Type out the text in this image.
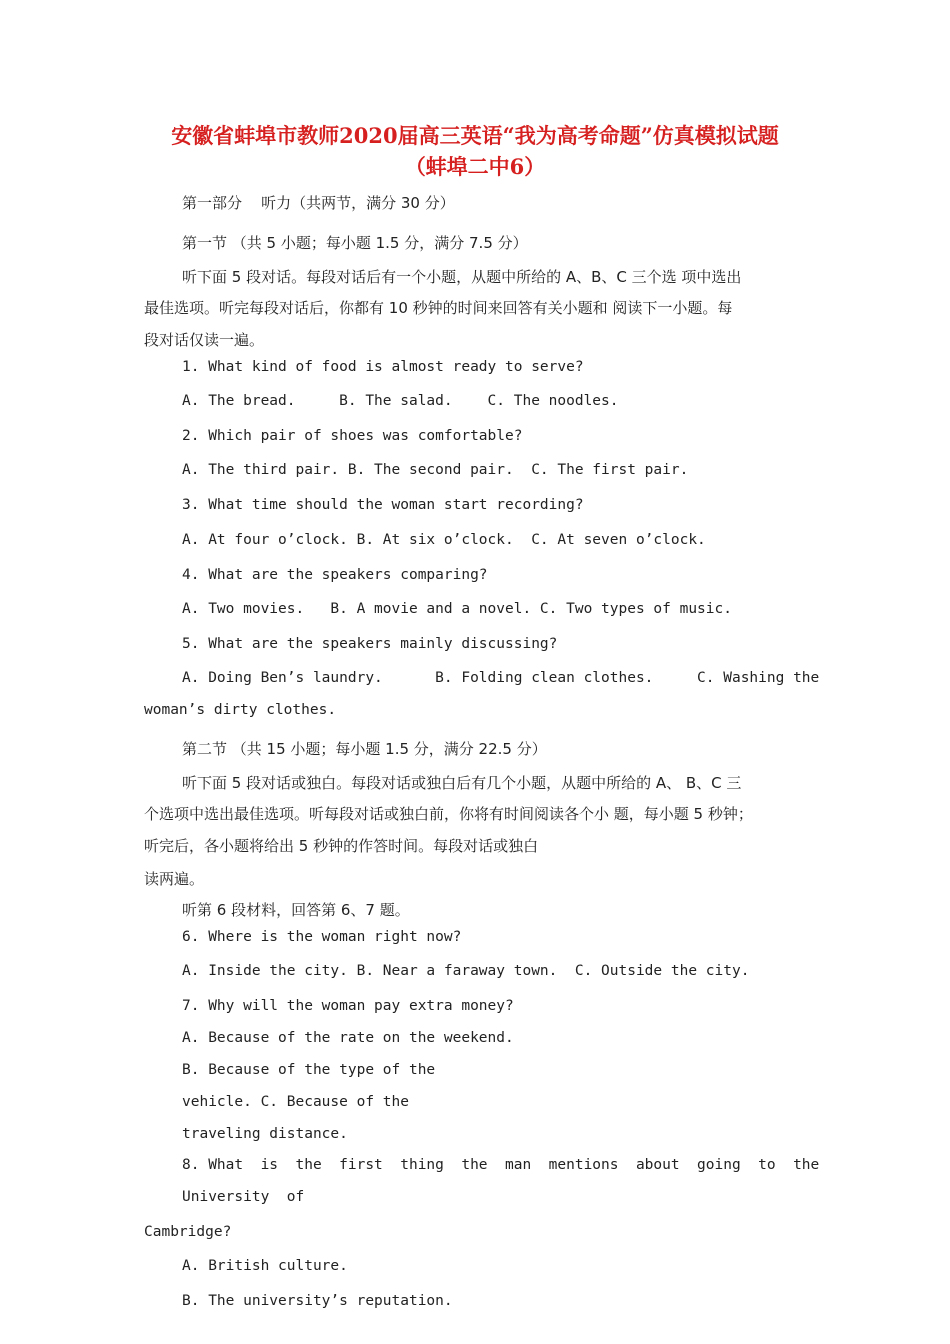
安徽省蚌埠市教师2020届高三英语“我为高考命题”仿真模拟试题
（蚌埠二中6）
第一部分    听力（共两节，满分 30 分）
第一节 （共 5 小题；每小题 1.5 分，满分 7.5 分）
听下面 5 段对话。每段对话后有一个小题，从题中所给的 A、B、C 三个选 项中选出
最佳选项。听完每段对话后，你都有 10 秒钟的时间来回答有关小题和 阅读下一小题。每
段对话仅读一遍。
1. What kind of food is almost ready to serve?
A. The bread.     B. The salad.    C. The noodles.
2. Which pair of shoes was comfortable?
A. The third pair. B. The second pair.  C. The first pair.
3. What time should the woman start recording?
A. At four o’clock. B. At six o’clock.  C. At seven o’clock.
4. What are the speakers comparing?
A. Two movies.   B. A movie and a novel. C. Two types of music.
5. What are the speakers mainly discussing?
A. Doing Ben’s laundry.      B. Folding clean clothes.     C. Washing the
woman’s dirty clothes.
第二节 （共 15 小题；每小题 1.5 分，满分 22.5 分）
听下面 5 段对话或独白。每段对话或独白后有几个小题，从题中所给的 A、 B、C 三
个选项中选出最佳选项。听每段对话或独白前，你将有时间阅读各个小 题，每小题 5 秒钟；
听完后，各小题将给出 5 秒钟的作答时间。每段对话或独白
读两遍。
听第 6 段材料，回答第 6、7 题。
6. Where is the woman right now?
A. Inside the city. B. Near a faraway town.  C. Outside the city.
7. Why will the woman pay extra money?
A. Because of the rate on the weekend.
B. Because of the type of the
vehicle. C. Because of the
traveling distance.
8. What  is  the  first  thing  the  man  mentions  about  going  to  the
University  of
Cambridge?
A. British culture.
B. The university’s reputation.
